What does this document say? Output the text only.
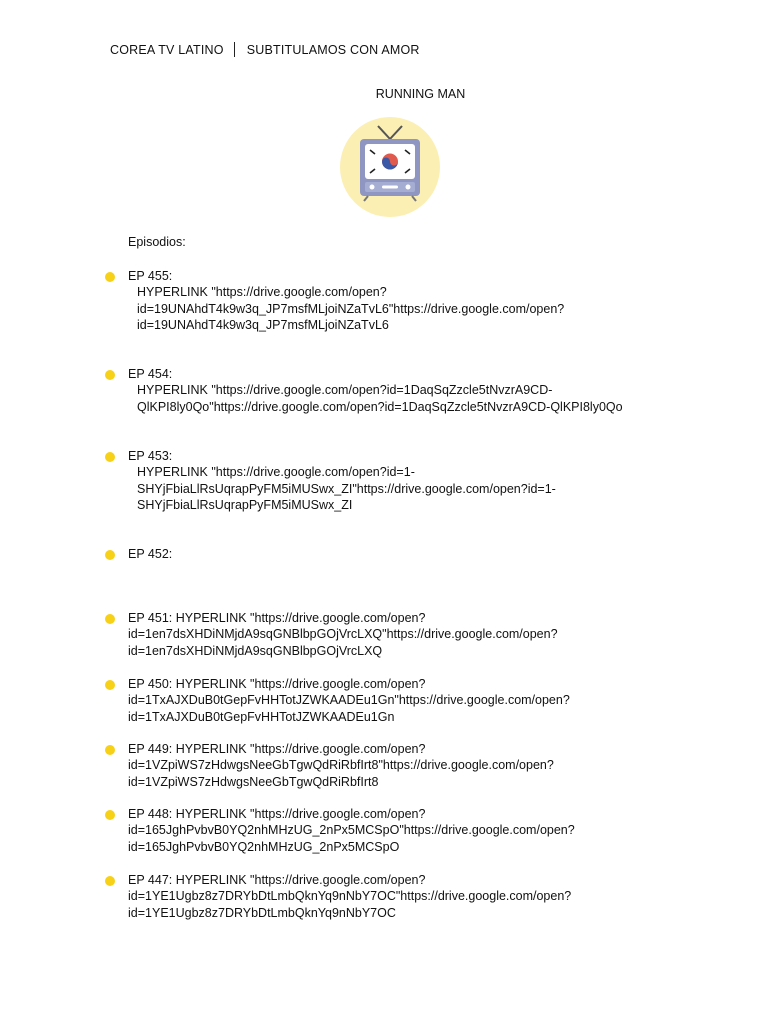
COREA TV LATINO SUBTITULAMOS CON AMOR
RUNNING MAN
Episodios:
EP 455:
HYPERLINK "https://drive.google.com/open?
id=19UNAhdT4k9w3q_JP7msfMLjoiNZaTvL6"https://drive.google.com/open?
id=19UNAhdT4k9w3q_JP7msfMLjoiNZaTvL6
EP 454:
HYPERLINK "https://drive.google.com/open?id=1DaqSqZzcle5tNvzrA9CD-
QlKPI8ly0Qo"https://drive.google.com/open?id=1DaqSqZzcle5tNvzrA9CD-QlKPI8ly0Qo
EP 453:
HYPERLINK "https://drive.google.com/open?id=1-
SHYjFbiaLlRsUqrapPyFM5iMUSwx_ZI"https://drive.google.com/open?id=1-
SHYjFbiaLlRsUqrapPyFM5iMUSwx_ZI
EP 452:
EP 451: HYPERLINK "https://drive.google.com/open?
id=1en7dsXHDiNMjdA9sqGNBlbpGOjVrcLXQ"https://drive.google.com/open?
id=1en7dsXHDiNMjdA9sqGNBlbpGOjVrcLXQ
EP 450: HYPERLINK "https://drive.google.com/open?
id=1TxAJXDuB0tGepFvHHTotJZWKAADEu1Gn"https://drive.google.com/open?
id=1TxAJXDuB0tGepFvHHTotJZWKAADEu1Gn
EP 449: HYPERLINK "https://drive.google.com/open?
id=1VZpiWS7zHdwgsNeeGbTgwQdRiRbfIrt8"https://drive.google.com/open?
id=1VZpiWS7zHdwgsNeeGbTgwQdRiRbfIrt8
EP 448: HYPERLINK "https://drive.google.com/open?
id=165JghPvbvB0YQ2nhMHzUG_2nPx5MCSpO"https://drive.google.com/open?
id=165JghPvbvB0YQ2nhMHzUG_2nPx5MCSpO
EP 447: HYPERLINK "https://drive.google.com/open?
id=1YE1Ugbz8z7DRYbDtLmbQknYq9nNbY7OC"https://drive.google.com/open?
id=1YE1Ugbz8z7DRYbDtLmbQknYq9nNbY7OC
